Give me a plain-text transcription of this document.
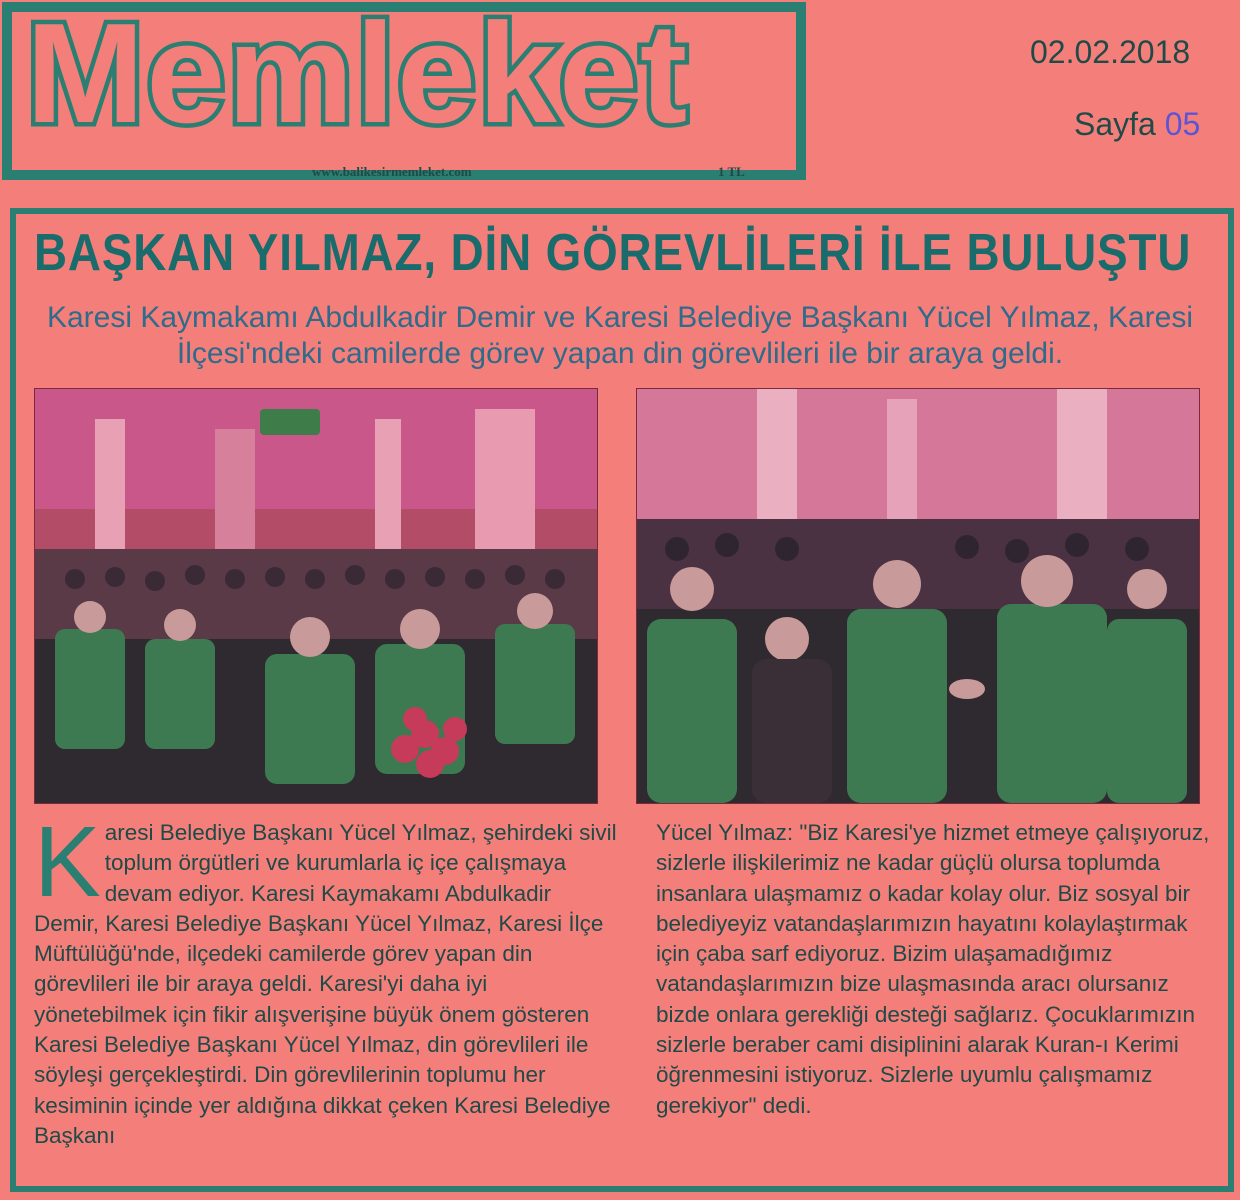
Memleket
www.balikesirmemleket.com	1 TL
02.02.2018
Sayfa 05
BAŞKAN YILMAZ, DİN GÖREVLİLERİ İLE BULUŞTU
Karesi Kaymakamı Abdulkadir Demir ve Karesi Belediye Başkanı Yücel Yılmaz, Karesi İlçesi'ndeki camilerde görev yapan din görevlileri ile bir araya geldi.

Karesi Belediye Başkanı Yücel Yılmaz, şehirdeki sivil toplum örgütleri ve kurumlarla iç içe çalışmaya devam ediyor. Karesi Kaymakamı Abdulkadir Demir, Karesi Belediye Başkanı Yücel Yılmaz, Karesi İlçe Müftülüğü'nde, ilçedeki camilerde görev yapan din görevlileri ile bir araya geldi. Karesi'yi daha iyi yönetebilmek için fikir alışverişine büyük önem gösteren Karesi Belediye Başkanı Yücel Yılmaz, din görevlileri ile söyleşi gerçekleştirdi. Din görevlilerinin toplumu her kesiminin içinde yer aldığına dikkat çeken Karesi Belediye Başkanı

Yücel Yılmaz: "Biz Karesi'ye hizmet etmeye çalışıyoruz, sizlerle ilişkilerimiz ne kadar güçlü olursa toplumda insanlara ulaşmamız o kadar kolay olur. Biz sosyal bir belediyeyiz vatandaşlarımızın hayatını kolaylaştırmak için çaba sarf ediyoruz. Bizim ulaşamadığımız vatandaşlarımızın bize ulaşmasında aracı olursanız bizde onlara gerekliği desteği sağlarız. Çocuklarımızın sizlerle beraber cami disiplinini alarak Kuran-ı Kerimi öğrenmesini istiyoruz. Sizlerle uyumlu çalışmamız gerekiyor" dedi.
